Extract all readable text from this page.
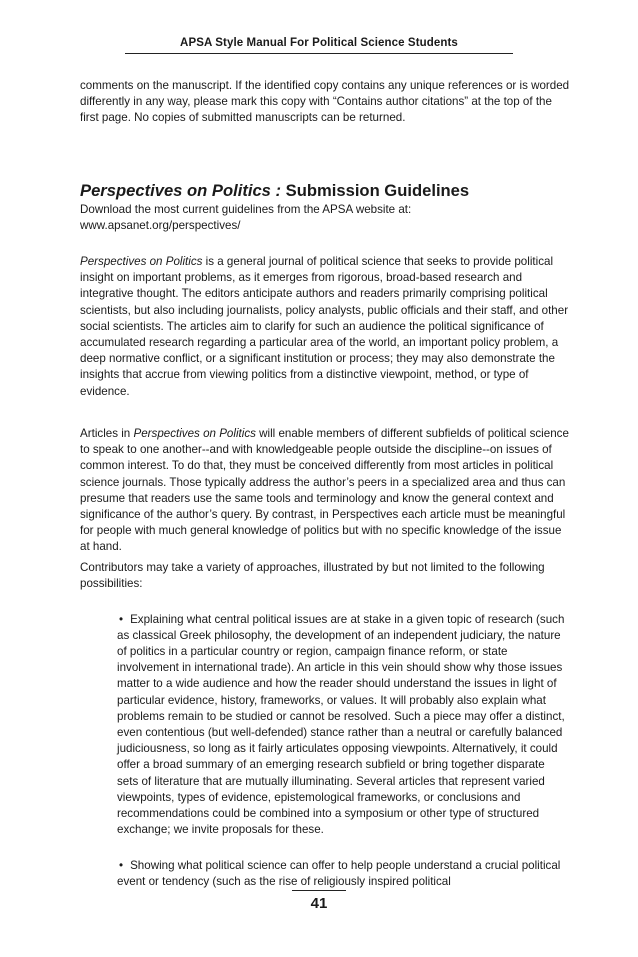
APSA Style Manual For Political Science Students

comments on the manuscript. If the identified copy contains any unique references or is worded differently in any way, please mark this copy with “Contains author citations” at the top of the first page. No copies of submitted manuscripts can be returned.

Perspectives on Politics : Submission Guidelines

Download the most current guidelines from the APSA website at:
www.apsanet.org/perspectives/

Perspectives on Politics is a general journal of political science that seeks to provide political insight on important problems, as it emerges from rigorous, broad-based research and integrative thought. The editors anticipate authors and readers primarily comprising political scientists, but also including journalists, policy analysts, public officials and their staff, and other social scientists. The articles aim to clarify for such an audience the political significance of accumulated research regarding a particular area of the world, an important policy problem, a deep normative conflict, or a significant institution or process; they may also demonstrate the insights that accrue from viewing politics from a distinctive viewpoint, method, or type of evidence.

Articles in Perspectives on Politics will enable members of different subfields of political science to speak to one another--and with knowledgeable people outside the discipline--on issues of common interest. To do that, they must be conceived differently from most articles in political science journals. Those typically address the author’s peers in a specialized area and thus can presume that readers use the same tools and terminology and know the general context and significance of the author’s query. By contrast, in Perspectives each article must be meaningful for people with much general knowledge of politics but with no specific knowledge of the issue at hand.

Contributors may take a variety of approaches, illustrated by but not limited to the following possibilities:

• Explaining what central political issues are at stake in a given topic of research (such as classical Greek philosophy, the development of an independent judiciary, the nature of politics in a particular country or region, campaign finance reform, or state involvement in international trade). An article in this vein should show why those issues matter to a wide audience and how the reader should understand the issues in light of particular evidence, history, frameworks, or values. It will probably also explain what problems remain to be studied or cannot be resolved. Such a piece may offer a distinct, even contentious (but well-defended) stance rather than a neutral or carefully balanced judiciousness, so long as it fairly articulates opposing viewpoints. Alternatively, it could offer a broad summary of an emerging research subfield or bring together disparate sets of literature that are mutually illuminating. Several articles that represent varied viewpoints, types of evidence, epistemological frameworks, or conclusions and recommendations could be combined into a symposium or other type of structured exchange; we invite proposals for these.

• Showing what political science can offer to help people understand a crucial political event or tendency (such as the rise of religiously inspired political

41
